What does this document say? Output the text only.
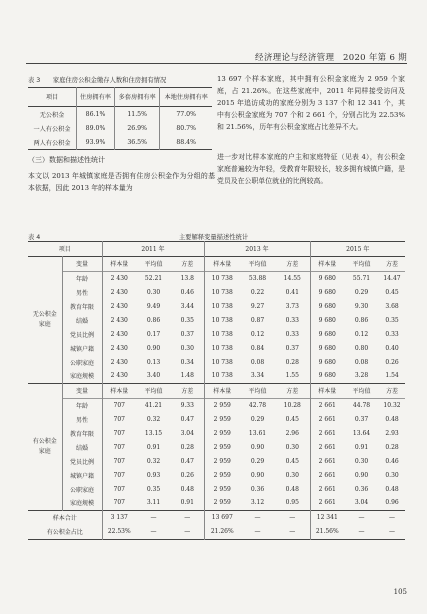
经济理论与经济管理　2020 年第 6 期
表 3　　家庭住房公积金缴存人数和住房拥有情况
项目	住房拥有率	多套房拥有率	本地住房拥有率
无公积金	86.1%	11.5%	77.0%
一人有公积金	89.0%	26.9%	80.7%
两人有公积金	93.9%	36.5%	88.4%
（三）数据和描述性统计
本文以 2013 年城镇家庭是否拥有住房公积金作为分组的基本依据，因此 2013 年的样本量为
13 697 个样本家庭，其中拥有公积金家庭为 2 959 个家庭，占 21.26%。在这些家庭中，2011 年同样接受访问及 2015 年追访成功的家庭分别为 3 137 个和 12 341 个，其中有公积金家庭为 707 个和 2 661 个，分别占比为 22.53%和 21.56%，历年有公积金家庭占比差异不大。
进一步对比样本家庭的户主和家庭特征（见表 4），有公积金家庭普遍较为年轻，受教育年限较长，较多拥有城镇户籍，是党员及在公职单位就业的比例较高。
表 4	主要解释变量描述性统计
项目		2011 年			2013 年			2015 年		
无公积金家庭	变量	样本量	平均值	方差	样本量	平均值	方差	样本量	平均值	方差
	年龄	2 430	52.21	13.8	10 738	53.88	14.55	9 680	55.71	14.47
	男性	2 430	0.30	0.46	10 738	0.22	0.41	9 680	0.29	0.45
	教育年限	2 430	9.49	3.44	10 738	9.27	3.73	9 680	9.30	3.68
	结婚	2 430	0.86	0.35	10 738	0.87	0.33	9 680	0.86	0.35
	党员比例	2 430	0.17	0.37	10 738	0.12	0.33	9 680	0.12	0.33
	城镇户籍	2 430	0.90	0.30	10 738	0.84	0.37	9 680	0.80	0.40
	公职家庭	2 430	0.13	0.34	10 738	0.08	0.28	9 680	0.08	0.26
	家庭规模	2 430	3.40	1.48	10 738	3.34	1.55	9 680	3.28	1.54
有公积金家庭	变量	样本量	平均值	方差	样本量	平均值	方差	样本量	平均值	方差
	年龄	707	41.21	9.33	2 959	42.78	10.28	2 661	44.78	10.32
	男性	707	0.32	0.47	2 959	0.29	0.45	2 661	0.37	0.48
	教育年限	707	13.15	3.04	2 959	13.61	2.96	2 661	13.64	2.93
	结婚	707	0.91	0.28	2 959	0.90	0.30	2 661	0.91	0.28
	党员比例	707	0.32	0.47	2 959	0.29	0.45	2 661	0.30	0.46
	城镇户籍	707	0.93	0.26	2 959	0.90	0.30	2 661	0.90	0.30
	公职家庭	707	0.35	0.48	2 959	0.36	0.48	2 661	0.36	0.48
	家庭规模	707	3.11	0.91	2 959	3.12	0.95	2 661	3.04	0.96
样本合计		3 137	—	—	13 697	—	—	12 341	—	—
有公积金占比		22.53%	—	—	21.26%	—	—	21.56%	—	—
105
